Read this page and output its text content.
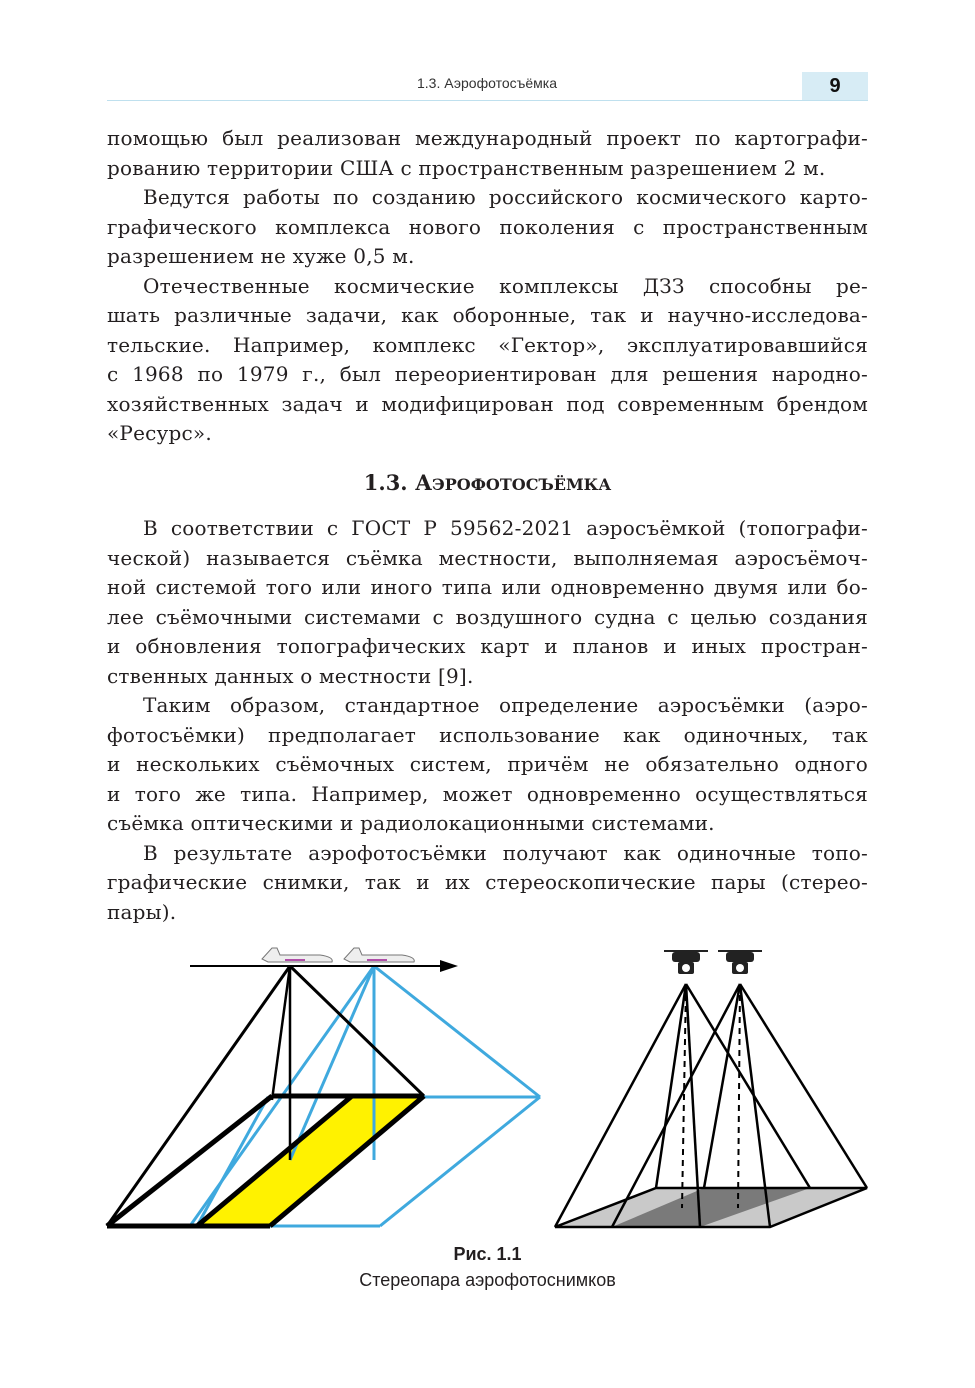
1.3. Аэрофотосъёмка	9
помощью был реализован международный проект по картографи-
рованию территории США с пространственным разрешением 2 м.
Ведутся работы по созданию российского космического карто-
графического комплекса нового поколения с пространственным
разрешением не хуже 0,5 м.
Отечественные космические комплексы ДЗЗ способны ре-
шать различные задачи, как оборонные, так и научно-исследова-
тельские. Например, комплекс «Гектор», эксплуатировавшийся
с 1968 по 1979 г., был переориентирован для решения народно-
хозяйственных задач и модифицирован под современным брендом
«Ресурс».
1.3. АЭРОФОТОСЪЁМКА
В соответствии с ГОСТ Р 59562-2021 аэросъёмкой (топографи-
ческой) называется съёмка местности, выполняемая аэросъёмоч-
ной системой того или иного типа или одновременно двумя или бо-
лее съёмочными системами с воздушного судна с целью создания
и обновления топографических карт и планов и иных простран-
ственных данных о местности [9].
Таким образом, стандартное определение аэросъёмки (аэро-
фотосъёмки) предполагает использование как одиночных, так
и нескольких съёмочных систем, причём не обязательно одного
и того же типа. Например, может одновременно осуществляться
съёмка оптическими и радиолокационными системами.
В результате аэрофотосъёмки получают как одиночные топо-
графические снимки, так и их стереоскопические пары (стерео-
пары).
Рис. 1.1
Стереопара аэрофотоснимков
